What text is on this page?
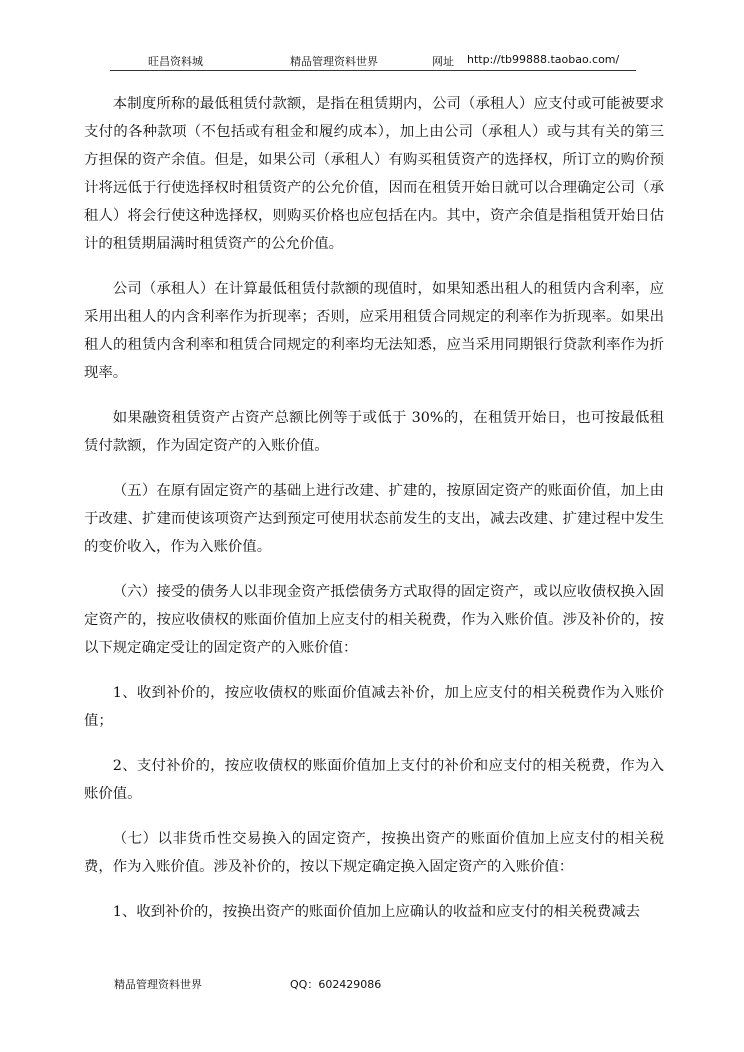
旺昌资料城	精品管理资料世界	网址 http://tb99888.taobao.com/

本制度所称的最低租赁付款额，是指在租赁期内，公司（承租人）应支付或可能被要求支付的各种款项（不包括或有租金和履约成本），加上由公司（承租人）或与其有关的第三方担保的资产余值。但是，如果公司（承租人）有购买租赁资产的选择权，所订立的购价预计将远低于行使选择权时租赁资产的公允价值，因而在租赁开始日就可以合理确定公司（承租人）将会行使这种选择权，则购买价格也应包括在内。其中，资产余值是指租赁开始日估计的租赁期届满时租赁资产的公允价值。

公司（承租人）在计算最低租赁付款额的现值时，如果知悉出租人的租赁内含利率，应采用出租人的内含利率作为折现率；否则，应采用租赁合同规定的利率作为折现率。如果出租人的租赁内含利率和租赁合同规定的利率均无法知悉，应当采用同期银行贷款利率作为折现率。

如果融资租赁资产占资产总额比例等于或低于 30%的，在租赁开始日，也可按最低租赁付款额，作为固定资产的入账价值。

（五）在原有固定资产的基础上进行改建、扩建的，按原固定资产的账面价值，加上由于改建、扩建而使该项资产达到预定可使用状态前发生的支出，减去改建、扩建过程中发生的变价收入，作为入账价值。

（六）接受的债务人以非现金资产抵偿债务方式取得的固定资产，或以应收债权换入固定资产的，按应收债权的账面价值加上应支付的相关税费，作为入账价值。涉及补价的，按以下规定确定受让的固定资产的入账价值：

1、收到补价的，按应收债权的账面价值减去补价，加上应支付的相关税费作为入账价值；

2、支付补价的，按应收债权的账面价值加上支付的补价和应支付的相关税费，作为入账价值。

（七）以非货币性交易换入的固定资产，按换出资产的账面价值加上应支付的相关税费，作为入账价值。涉及补价的，按以下规定确定换入固定资产的入账价值：

1、收到补价的，按换出资产的账面价值加上应确认的收益和应支付的相关税费减去

精品管理资料世界	QQ：602429086
